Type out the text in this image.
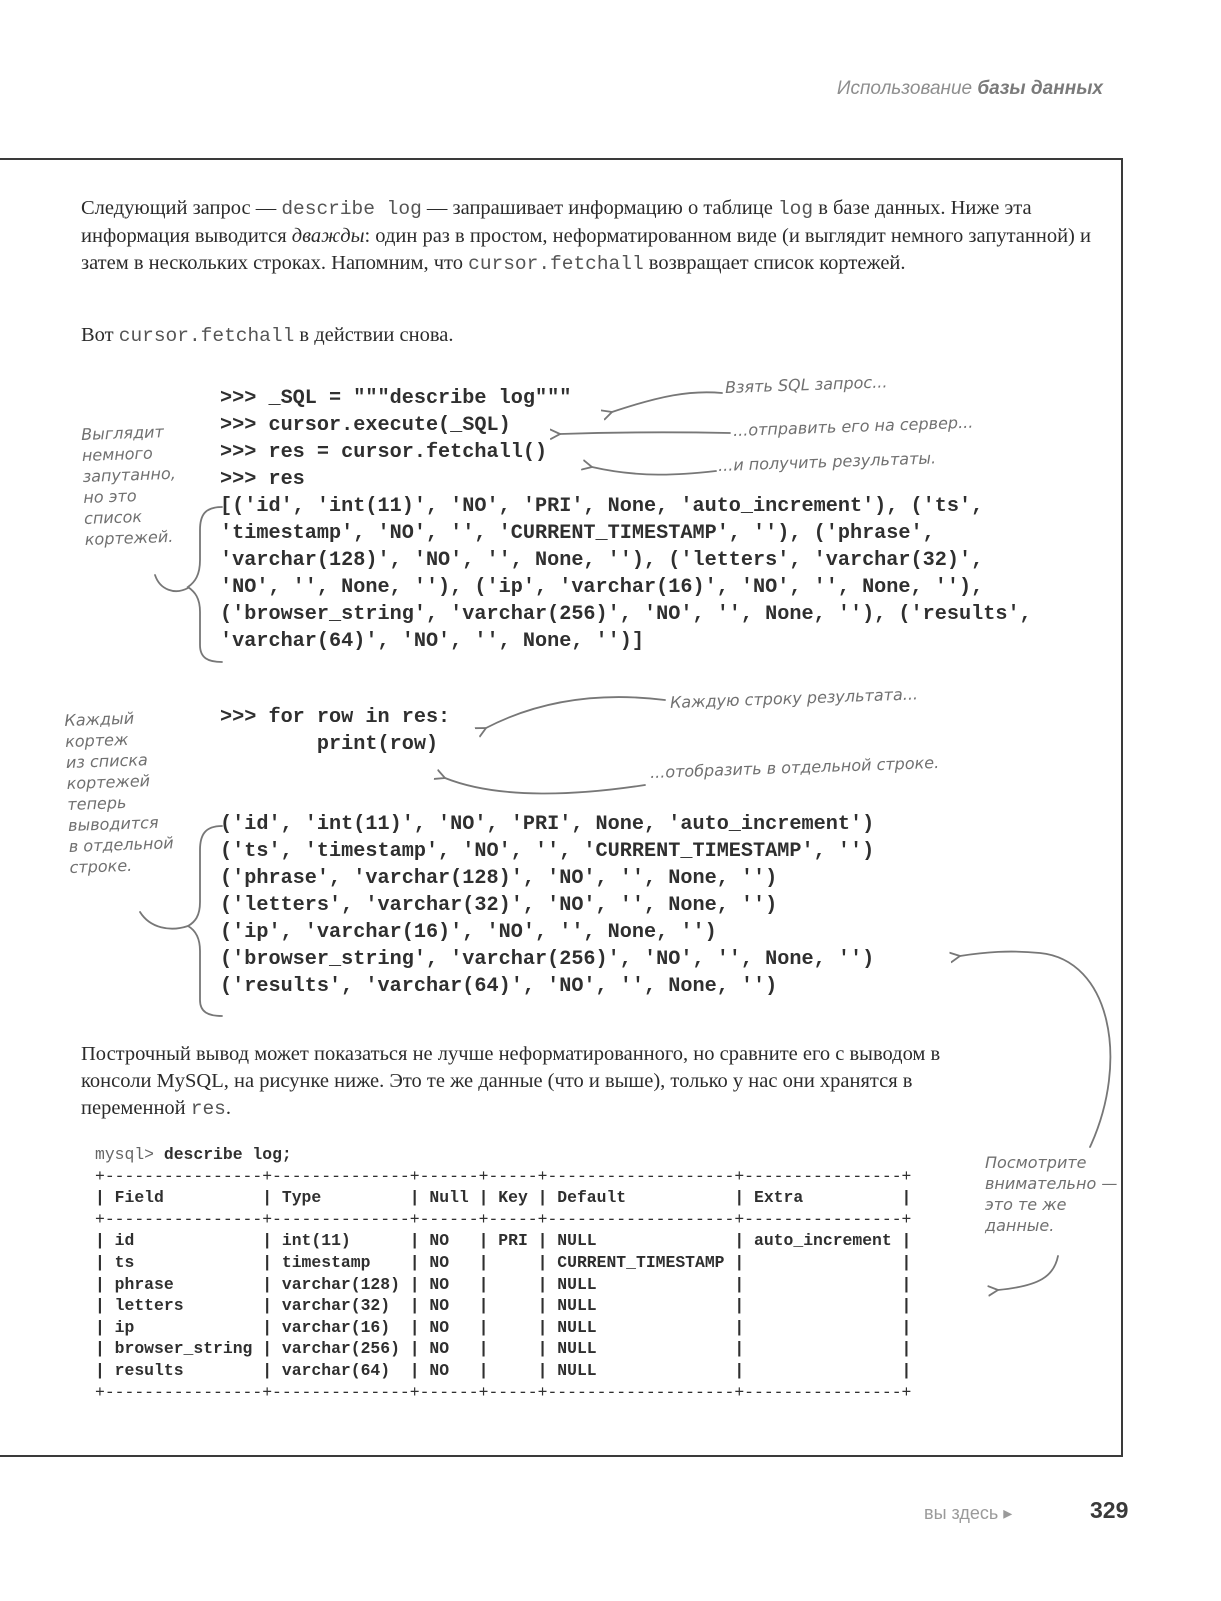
Использование базы данных
Следующий запрос — describe log — запрашивает информацию о таблице log в базе данных. Ниже эта информация выводится дважды: один раз в простом, неформатированном виде (и выглядит немного запутанной) и затем в нескольких строках. Напомним, что cursor.fetchall возвращает список кортежей.
Вот cursor.fetchall в действии снова.
>>> _SQL = """describe log"""
>>> cursor.execute(_SQL)
>>> res = cursor.fetchall()
>>> res
[('id', 'int(11)', 'NO', 'PRI', None, 'auto_increment'), ('ts',
'timestamp', 'NO', '', 'CURRENT_TIMESTAMP', ''), ('phrase',
'varchar(128)', 'NO', '', None, ''), ('letters', 'varchar(32)',
'NO', '', None, ''), ('ip', 'varchar(16)', 'NO', '', None, ''),
('browser_string', 'varchar(256)', 'NO', '', None, ''), ('results',
'varchar(64)', 'NO', '', None, '')]
>>> for row in res:
print(row)
('id', 'int(11)', 'NO', 'PRI', None, 'auto_increment')
('ts', 'timestamp', 'NO', '', 'CURRENT_TIMESTAMP', '')
('phrase', 'varchar(128)', 'NO', '', None, '')
('letters', 'varchar(32)', 'NO', '', None, '')
('ip', 'varchar(16)', 'NO', '', None, '')
('browser_string', 'varchar(256)', 'NO', '', None, '')
('results', 'varchar(64)', 'NO', '', None, '')
Взять SQL запрос...
...отправить его на сервер...
...и получить результаты.
Выглядит
немного
запутанно,
но это
список
кортежей.
Каждую строку результата...
...отобразить в отдельной строке.
Каждый
кортеж
из списка
кортежей
теперь
выводится
в отдельной
строке.
Посмотрите
внимательно —
это те же
данные.
Построчный вывод может показаться не лучше неформатированного, но сравните его с выводом в консоли MySQL, на рисунке ниже. Это те же данные (что и выше), только у нас они хранятся в переменной res.
mysql> describe log;
+----------------+--------------+------+-----+-------------------+----------------+
| Field          | Type         | Null | Key | Default           | Extra          |
+----------------+--------------+------+-----+-------------------+----------------+
| id             | int(11)      | NO   | PRI | NULL              | auto_increment |
| ts             | timestamp    | NO   |     | CURRENT_TIMESTAMP |                |
| phrase         | varchar(128) | NO   |     | NULL              |                |
| letters        | varchar(32)  | NO   |     | NULL              |                |
| ip             | varchar(16)  | NO   |     | NULL              |                |
| browser_string | varchar(256) | NO   |     | NULL              |                |
| results        | varchar(64)  | NO   |     | NULL              |                |
+----------------+--------------+------+-----+-------------------+----------------+
вы здесь ▸	329
